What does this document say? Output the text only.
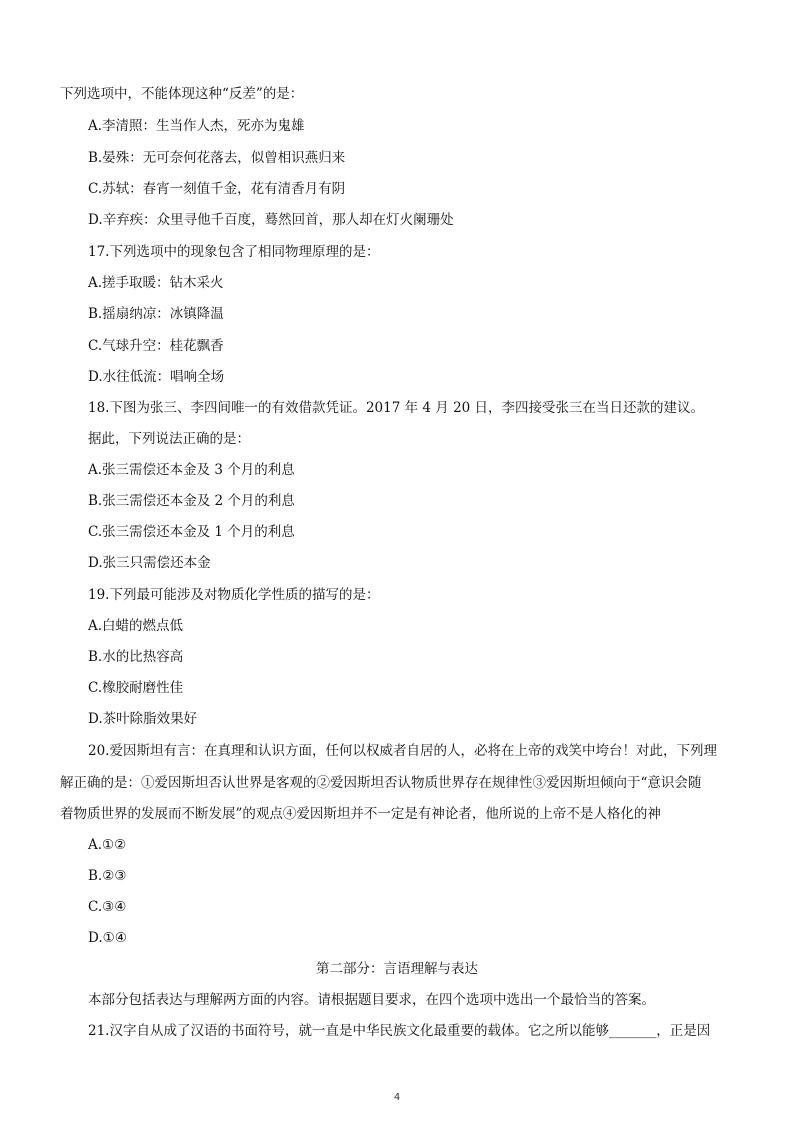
下列选项中，不能体现这种“反差”的是：
A.李清照：生当作人杰，死亦为鬼雄
B.晏殊：无可奈何花落去，似曾相识燕归来
C.苏轼：春宵一刻值千金，花有清香月有阴
D.辛弃疾：众里寻他千百度，蓦然回首，那人却在灯火阑珊处
17.下列选项中的现象包含了相同物理原理的是：
A.搓手取暖：钻木采火
B.摇扇纳凉：冰镇降温
C.气球升空：桂花飘香
D.水往低流：唱响全场
18.下图为张三、李四间唯一的有效借款凭证。2017 年 4 月 20 日，李四接受张三在当日还款的建议。
据此，下列说法正确的是：
A.张三需偿还本金及 3 个月的利息
B.张三需偿还本金及 2 个月的利息
C.张三需偿还本金及 1 个月的利息
D.张三只需偿还本金
19.下列最可能涉及对物质化学性质的描写的是：
A.白蜡的燃点低
B.水的比热容高
C.橡胶耐磨性佳
D.茶叶除脂效果好
20.爱因斯坦有言：在真理和认识方面，任何以权威者自居的人，必将在上帝的戏笑中垮台！对此，下列理
解正确的是：①爱因斯坦否认世界是客观的②爱因斯坦否认物质世界存在规律性③爱因斯坦倾向于“意识会随
着物质世界的发展而不断发展”的观点④爱因斯坦并不一定是有神论者，他所说的上帝不是人格化的神
A.①②
B.②③
C.③④
D.①④
第二部分：言语理解与表达
本部分包括表达与理解两方面的内容。请根据题目要求，在四个选项中选出一个最恰当的答案。
21.汉字自从成了汉语的书面符号，就一直是中华民族文化最重要的载体。它之所以能够_______，正是因
4
